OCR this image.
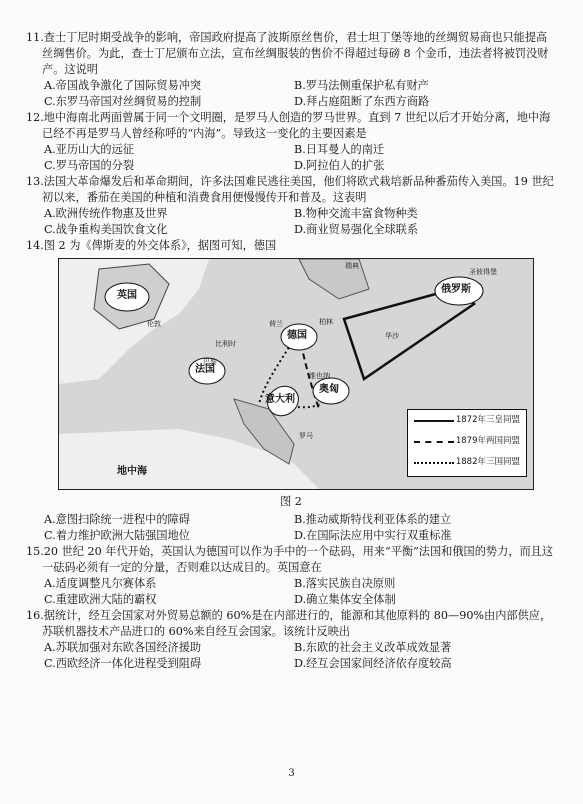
11.查士丁尼时期受战争的影响，帝国政府提高了波斯原丝售价，君士坦丁堡等地的丝绸贸易商也只能提高丝绸售价。为此，查士丁尼颁布立法，宣布丝绸服装的售价不得超过每磅 8 个金币，违法者将被罚没财产。这说明
A.帝国战争激化了国际贸易冲突	B.罗马法侧重保护私有财产
C.东罗马帝国对丝绸贸易的控制	D.拜占庭阻断了东西方商路
12.地中海南北两面曾属于同一个文明圈，是罗马人创造的罗马世界。直到 7 世纪以后才开始分离，地中海已经不再是罗马人曾经称呼的“内海”。导致这一变化的主要因素是
A.亚历山大的远征	B.日耳曼人的南迁
C.罗马帝国的分裂	D.阿拉伯人的扩张
13.法国大革命爆发后和革命期间，许多法国难民逃往美国，他们将欧式栽培新品种番茄传入美国。19 世纪初以来，番茄在美国的种植和消费食用便慢慢传开和普及。这表明
A.欧洲传统作物惠及世界	B.物种交流丰富食物种类
C.战争重构美国饮食文化	D.商业贸易强化全球联系
14.图 2 为《俾斯麦的外交体系》，据图可知，德国
瑞典
圣彼得堡
英国
俄罗斯
伦敦	荷兰	柏林
华沙
比利时
德国
巴黎
法国
维也纳
奥匈
意大利
罗马
地中海
1872年三皇同盟
1879年两国同盟
1882年三国同盟
图 2
A.意图扫除统一进程中的障碍	B.推动威斯特伐利亚体系的建立
C.着力维护欧洲大陆强国地位	D.在国际法应用中实行双重标准
15.20 世纪 20 年代开始，英国认为德国可以作为手中的一个砝码，用来“平衡”法国和俄国的势力，而且这一砝码必须有一定的分量，否则难以达成目的。英国意在
A.适度调整凡尔赛体系	B.落实民族自决原则
C.重建欧洲大陆的霸权	D.确立集体安全体制
16.据统计，经互会国家对外贸易总额的 60%是在内部进行的，能源和其他原料的 80—90%由内部供应，苏联机器技术产品进口的 60%来自经互会国家。该统计反映出
A.苏联加强对东欧各国经济援助	B.东欧的社会主义改革成效显著
C.西欧经济一体化进程受到阻碍	D.经互会国家间经济依存度较高
3
